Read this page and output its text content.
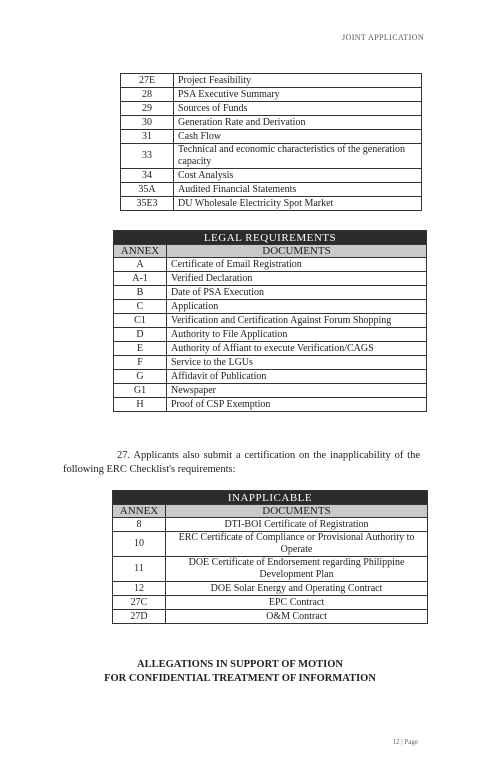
JOINT APPLICATION
27E	Project Feasibility
28	PSA Executive Summary
29	Sources of Funds
30	Generation Rate and Derivation
31	Cash Flow
33	Technical and economic characteristics of the generation capacity
34	Cost Analysis
35A	Audited Financial Statements
35E3	DU Wholesale Electricity Spot Market
LEGAL REQUIREMENTS	
ANNEX	DOCUMENTS
A	Certificate of Email Registration
A-1	Verified Declaration
B	Date of PSA Execution
C	Application
C1	Verification and Certification Against Forum Shopping
D	Authority to File Application
E	Authority of Affiant to execute Verification/CAGS
F	Service to the LGUs
G	Affidavit of Publication
G1	Newspaper
H	Proof of CSP Exemption
27. Applicants also submit a certification on the inapplicability of the following ERC Checklist's requirements:
INAPPLICABLE	
ANNEX	DOCUMENTS
8	DTI-BOI Certificate of Registration
10	ERC Certificate of Compliance or Provisional Authority to Operate
11	DOE Certificate of Endorsement regarding Philippine Development Plan
12	DOE Solar Energy and Operating Contract
27C	EPC Contract
27D	O&M Contract
ALLEGATIONS IN SUPPORT OF MOTION
FOR CONFIDENTIAL TREATMENT OF INFORMATION
12 | Page
